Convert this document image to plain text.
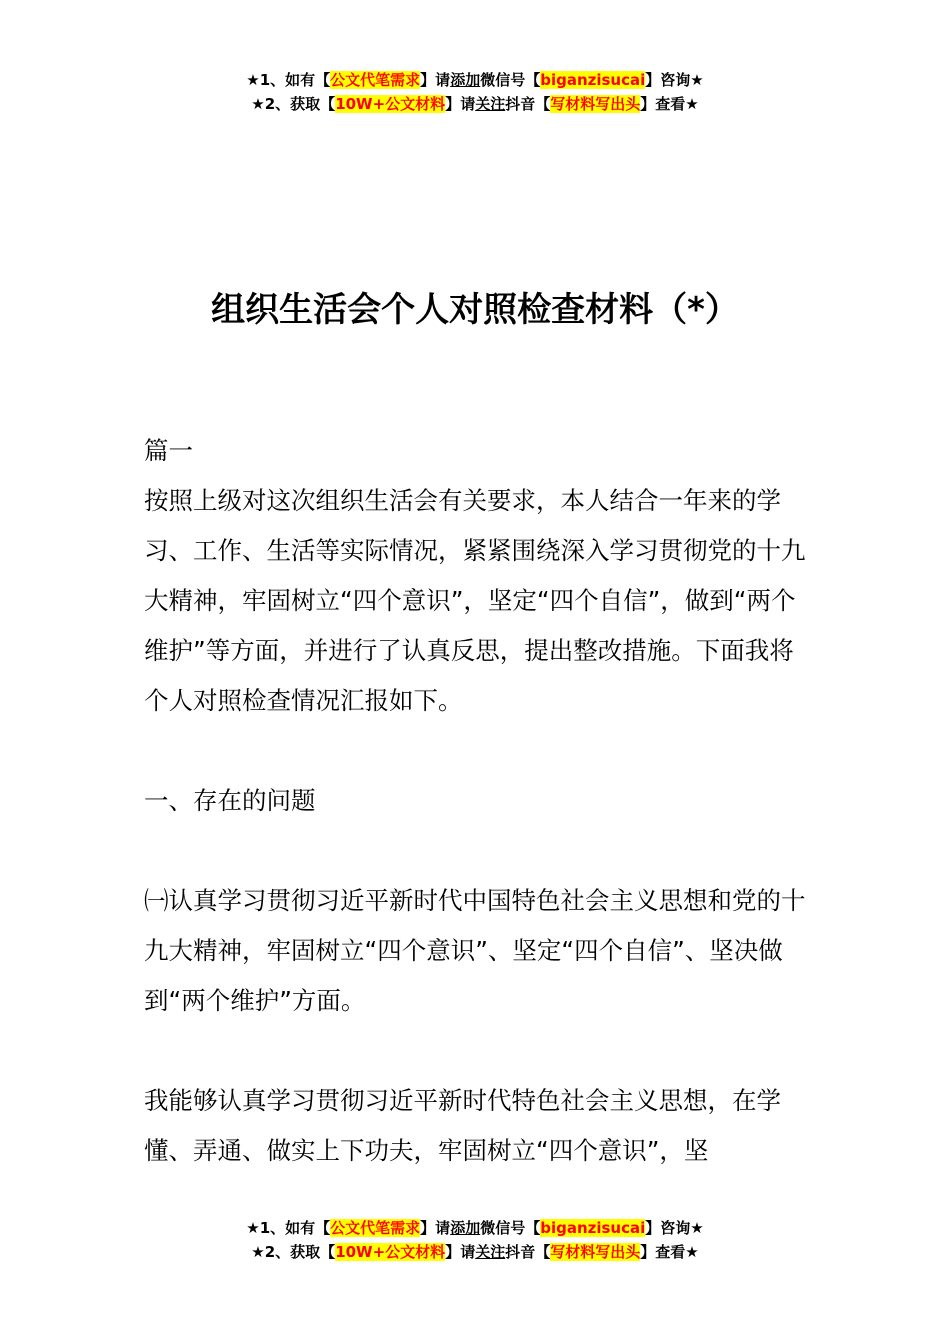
★1、如有【公文代笔需求】请添加微信号【biganzisucai】咨询★
★2、获取【10W+公文材料】请关注抖音【写材料写出头】查看★
组织生活会个人对照检查材料（*）

篇一

按照上级对这次组织生活会有关要求，本人结合一年来的学习、工作、生活等实际情况，紧紧围绕深入学习贯彻党的十九大精神，牢固树立“四个意识”，坚定“四个自信”，做到“两个维护”等方面，并进行了认真反思，提出整改措施。下面我将个人对照检查情况汇报如下。

一、存在的问题

㈠认真学习贯彻习近平新时代中国特色社会主义思想和党的十九大精神，牢固树立“四个意识”、坚定“四个自信”、坚决做到“两个维护”方面。

我能够认真学习贯彻习近平新时代特色社会主义思想，在学懂、弄通、做实上下功夫，牢固树立“四个意识”，坚

★1、如有【公文代笔需求】请添加微信号【biganzisucai】咨询★
★2、获取【10W+公文材料】请关注抖音【写材料写出头】查看★
